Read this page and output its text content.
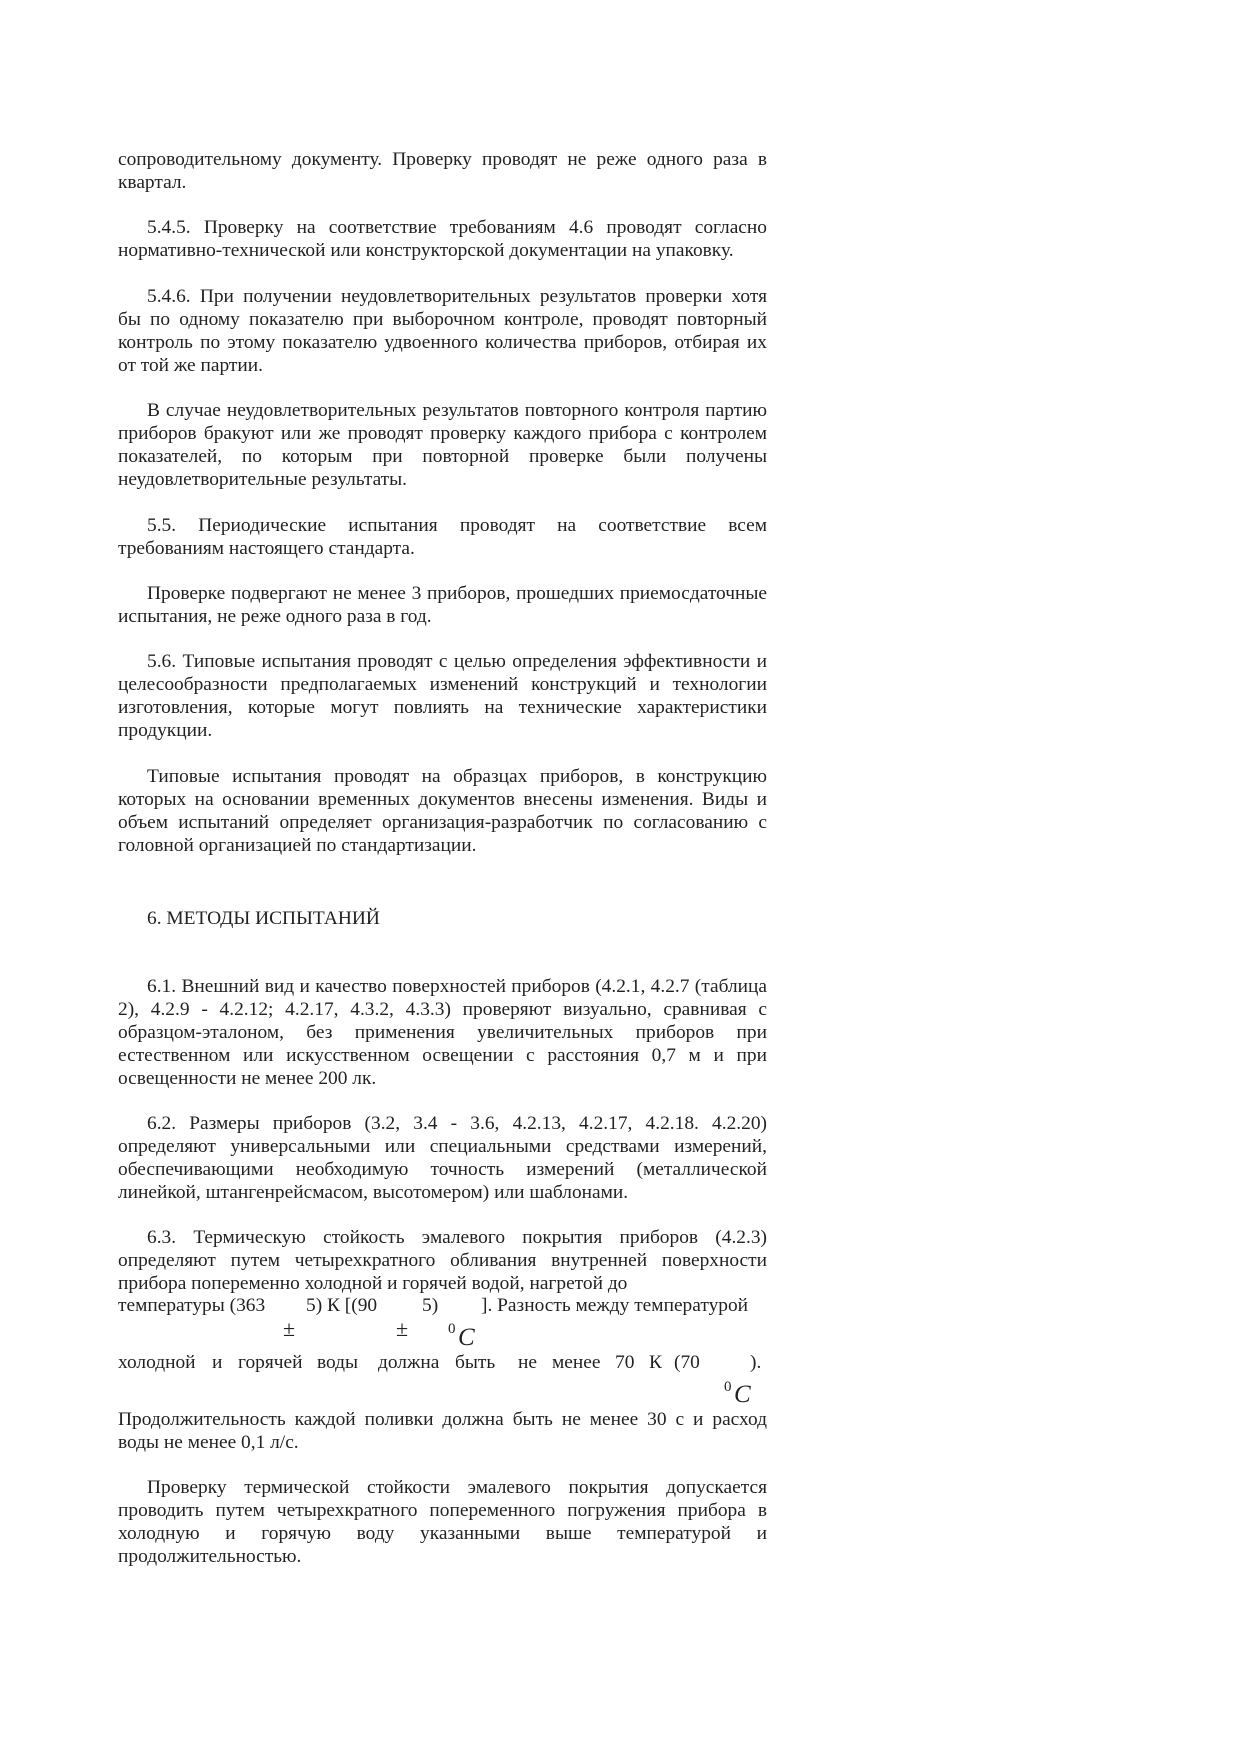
сопроводительному документу. Проверку проводят не реже одного раза в квартал.

5.4.5. Проверку на соответствие требованиям 4.6 проводят согласно нормативно-технической или конструкторской документации на упаковку.

5.4.6. При получении неудовлетворительных результатов проверки хотя бы по одному показателю при выборочном контроле, проводят повторный контроль по этому показателю удвоенного количества приборов, отбирая их от той же партии.

В случае неудовлетворительных результатов повторного контроля партию приборов бракуют или же проводят проверку каждого прибора с контролем показателей, по которым при повторной проверке были получены неудовлетворительные результаты.

5.5. Периодические испытания проводят на соответствие всем требованиям настоящего стандарта.

Проверке подвергают не менее 3 приборов, прошедших приемосдаточные испытания, не реже одного раза в год.

5.6. Типовые испытания проводят с целью определения эффективности и целесообразности предполагаемых изменений конструкций и технологии изготовления, которые могут повлиять на технические характеристики продукции.

Типовые испытания проводят на образцах приборов, в конструкцию которых на основании временных документов внесены изменения. Виды и объем испытаний определяет организация-разработчик по согласованию с головной организацией по стандартизации.

6. МЕТОДЫ ИСПЫТАНИЙ

6.1. Внешний вид и качество поверхностей приборов (4.2.1, 4.2.7 (таблица 2), 4.2.9 - 4.2.12; 4.2.17, 4.3.2, 4.3.3) проверяют визуально, сравнивая с образцом-эталоном, без применения увеличительных приборов при естественном или искусственном освещении с расстояния 0,7 м и при освещенности не менее 200 лк.

6.2. Размеры приборов (3.2, 3.4 - 3.6, 4.2.13, 4.2.17, 4.2.18. 4.2.20) определяют универсальными или специальными средствами измерений, обеспечивающими необходимую точность измерений (металлической линейкой, штангенрейсмасом, высотомером) или шаблонами.

6.3. Термическую стойкость эмалевого покрытия приборов (4.2.3) определяют путем четырехкратного обливания внутренней поверхности прибора попеременно холодной и горячей водой, нагретой до

температуры (363 5) К [(90 5) ]. Разность между температурой
±	±	0 C
холодной и горячей воды должна быть не менее 70 К (70	).
0 C

Продолжительность каждой поливки должна быть не менее 30 с и расход воды не менее 0,1 л/с.

Проверку термической стойкости эмалевого покрытия допускается проводить путем четырехкратного попеременного погружения прибора в холодную и горячую воду указанными выше температурой и продолжительностью.
